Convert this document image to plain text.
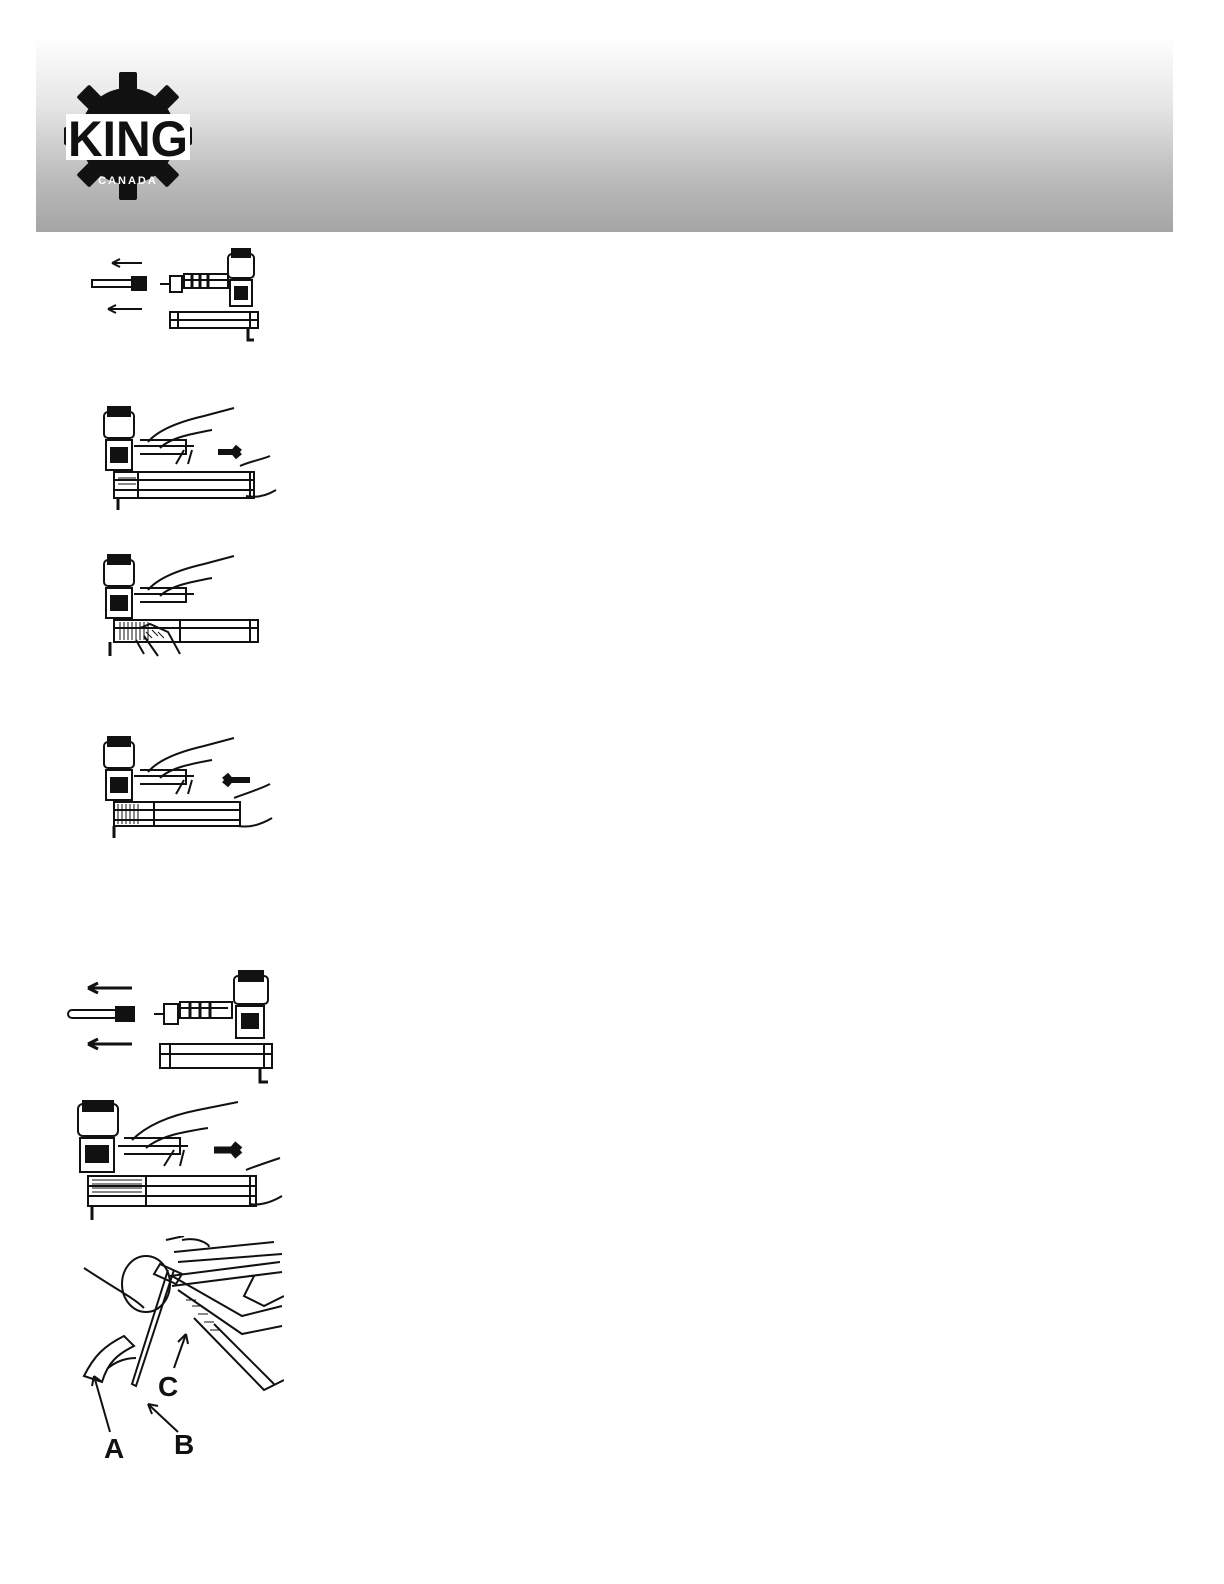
KING
CANADA
C
A B
